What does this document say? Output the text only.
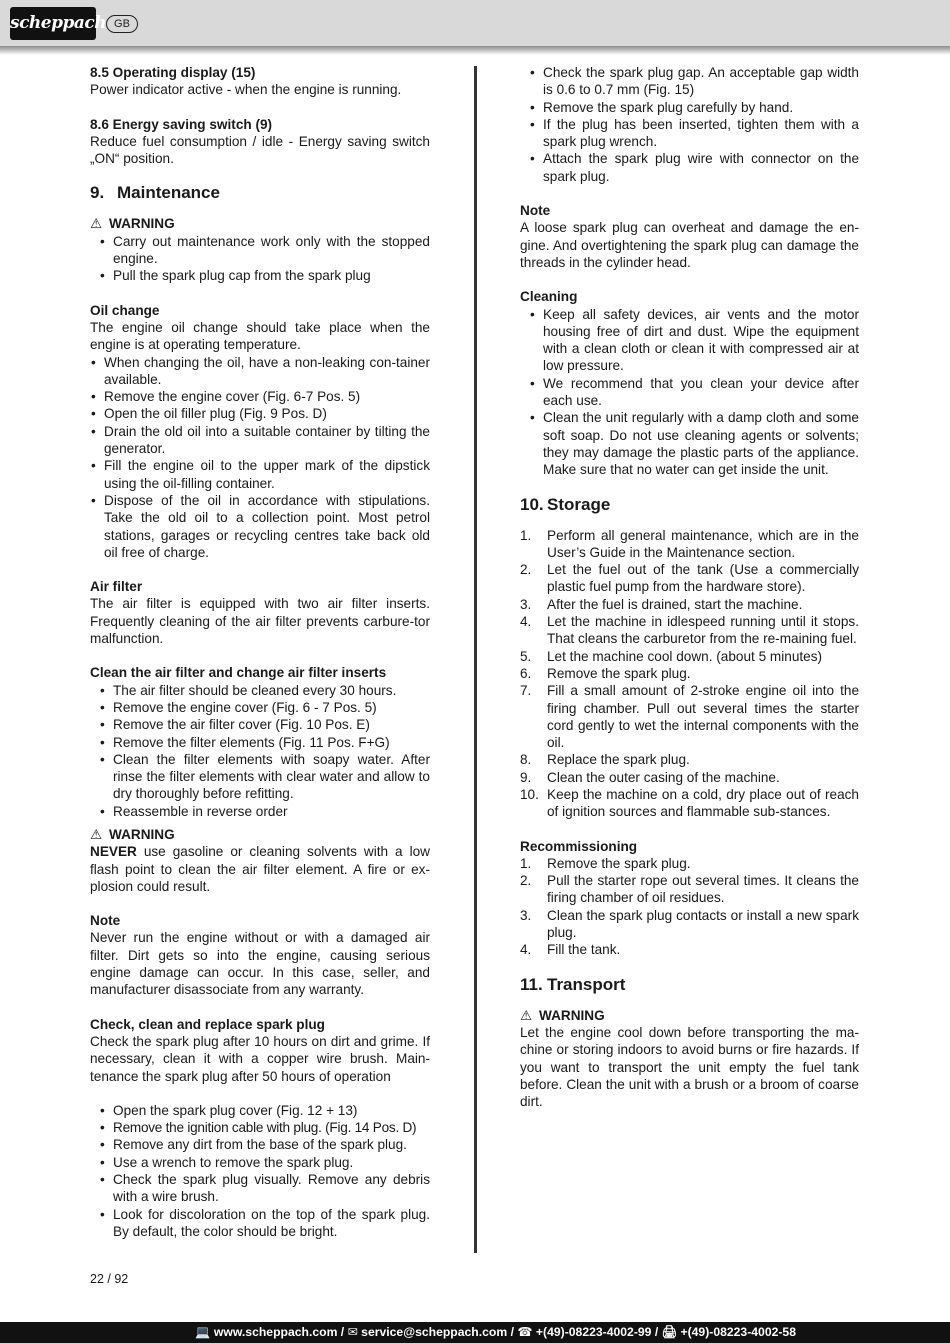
scheppach GB

8.5 Operating display (15)

Power indicator active - when the engine is running.

8.6 Energy saving switch (9)

Reduce fuel consumption / idle - Energy saving switch „ON“ position.

9. Maintenance

⚠ WARNING

• Carry out maintenance work only with the stopped engine.
• Pull the spark plug cap from the spark plug

Oil change

The engine oil change should take place when the engine is at operating temperature.

• When changing the oil, have a non-leaking con-tainer available.
• Remove the engine cover (Fig. 6-7 Pos. 5)
• Open the oil filler plug (Fig. 9 Pos. D)
• Drain the old oil into a suitable container by tilting the generator.
• Fill the engine oil to the upper mark of the dipstick using the oil-filling container.
• Dispose of the oil in accordance with stipulations. Take the old oil to a collection point. Most petrol stations, garages or recycling centres take back old oil free of charge.

Air filter

The air filter is equipped with two air filter inserts. Frequently cleaning of the air filter prevents carbure-tor malfunction.

Clean the air filter and change air filter inserts

• The air filter should be cleaned every 30 hours.
• Remove the engine cover (Fig. 6 - 7 Pos. 5)
• Remove the air filter cover (Fig. 10 Pos. E)
• Remove the filter elements (Fig. 11 Pos. F+G)
• Clean the filter elements with soapy water. After rinse the filter elements with clear water and allow to dry thoroughly before refitting.
• Reassemble in reverse order

⚠ WARNING

NEVER use gasoline or cleaning solvents with a low flash point to clean the air filter element. A fire or ex-plosion could result.

Note

Never run the engine without or with a damaged air filter. Dirt gets so into the engine, causing serious engine damage can occur. In this case, seller, and manufacturer disassociate from any warranty.

Check, clean and replace spark plug

Check the spark plug after 10 hours on dirt and grime. If necessary, clean it with a copper wire brush. Main-tenance the spark plug after 50 hours of operation

• Open the spark plug cover (Fig. 12 + 13)
• Remove the ignition cable with plug. (Fig. 14 Pos. D)
• Remove any dirt from the base of the spark plug.
• Use a wrench to remove the spark plug.
• Check the spark plug visually. Remove any debris with a wire brush.
• Look for discoloration on the top of the spark plug. By default, the color should be bright.
• Check the spark plug gap. An acceptable gap width is 0.6 to 0.7 mm (Fig. 15)
• Remove the spark plug carefully by hand.
• If the plug has been inserted, tighten them with a spark plug wrench.
• Attach the spark plug wire with connector on the spark plug.

Note

A loose spark plug can overheat and damage the en-gine. And overtightening the spark plug can damage the threads in the cylinder head.

Cleaning

• Keep all safety devices, air vents and the motor housing free of dirt and dust. Wipe the equipment with a clean cloth or clean it with compressed air at low pressure.
• We recommend that you clean your device after each use.
• Clean the unit regularly with a damp cloth and some soft soap. Do not use cleaning agents or solvents; they may damage the plastic parts of the appliance. Make sure that no water can get inside the unit.
10. Storage
1. Perform all general maintenance, which are in the User’s Guide in the Maintenance section.
2. Let the fuel out of the tank (Use a commercially plastic fuel pump from the hardware store).
3. After the fuel is drained, start the machine.
4. Let the machine in idlespeed running until it stops. That cleans the carburetor from the re-maining fuel.
5. Let the machine cool down. (about 5 minutes)
6. Remove the spark plug.
7. Fill a small amount of 2-stroke engine oil into the firing chamber. Pull out several times the starter cord gently to wet the internal components with the oil.
8. Replace the spark plug.
9. Clean the outer casing of the machine.
10. Keep the machine on a cold, dry place out of reach of ignition sources and flammable sub-stances.

Recommissioning

1. Remove the spark plug.
2. Pull the starter rope out several times. It cleans the firing chamber of oil residues.
3. Clean the spark plug contacts or install a new spark plug.
4. Fill the tank.
11. Transport

⚠ WARNING

Let the engine cool down before transporting the ma-chine or storing indoors to avoid burns or fire hazards. If you want to transport the unit empty the fuel tank before. Clean the unit with a brush or a broom of coarse dirt.

22 / 92
💻 www.scheppach.com / ✉ service@scheppach.com / ☎ +(49)-08223-4002-99 / 🖨 +(49)-08223-4002-58
